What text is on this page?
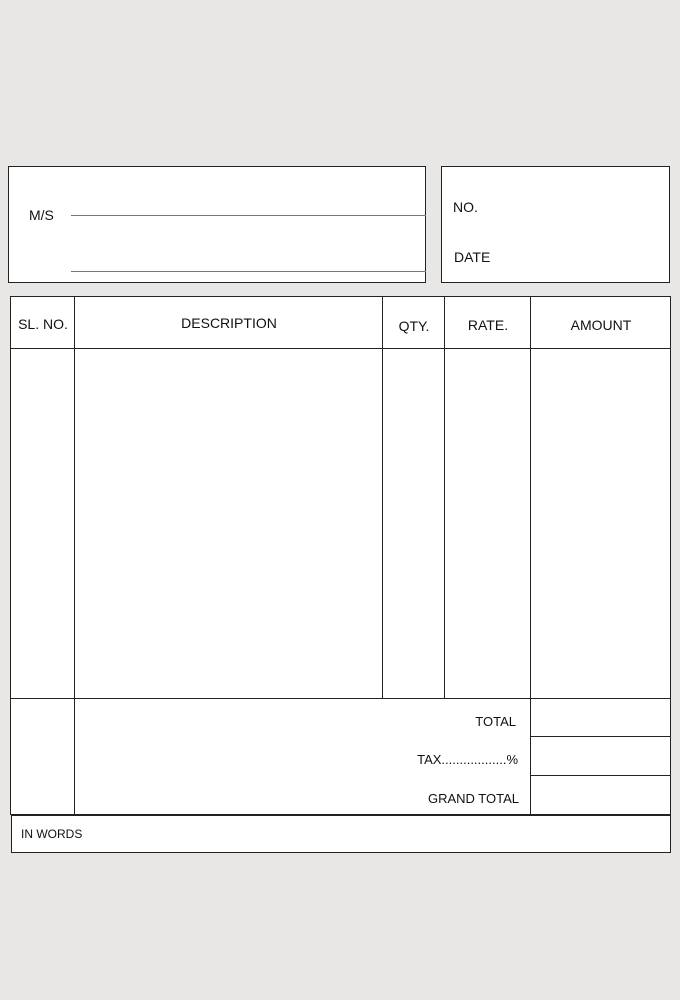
M/S	NO.
DATE
SL. NO.	DESCRIPTION	QTY.	RATE.	AMOUNT
TOTAL
TAX..................%
GRAND TOTAL
IN WORDS
